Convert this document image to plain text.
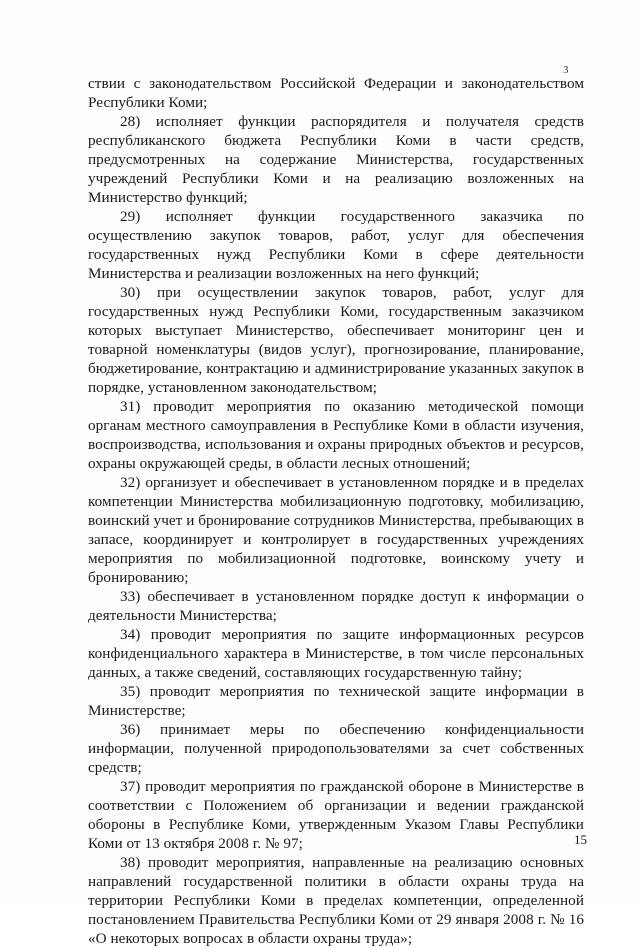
3

ствии с законодательством Российской Федерации и законодательством Республики Коми;

28) исполняет функции распорядителя и получателя средств республиканского бюджета Республики Коми в части средств, предусмотренных на содержание Министерства, государственных учреждений Республики Коми и на реализацию возложенных на Министерство функций;

29) исполняет функции государственного заказчика по осуществлению закупок товаров, работ, услуг для обеспечения государственных нужд Республики Коми в сфере деятельности Министерства и реализации возложенных на него функций;

30) при осуществлении закупок товаров, работ, услуг для государственных нужд Республики Коми, государственным заказчиком которых выступает Министерство, обеспечивает мониторинг цен и товарной номенклатуры (видов услуг), прогнозирование, планирование, бюджетирование, контрактацию и администрирование указанных закупок в порядке, установленном законодательством;

31) проводит мероприятия по оказанию методической помощи органам местного самоуправления в Республике Коми в области изучения, воспроизводства, использования и охраны природных объектов и ресурсов, охраны окружающей среды, в области лесных отношений;

32) организует и обеспечивает в установленном порядке и в пределах компетенции Министерства мобилизационную подготовку, мобилизацию, воинский учет и бронирование сотрудников Министерства, пребывающих в запасе, координирует и контролирует в государственных учреждениях мероприятия по мобилизационной подготовке, воинскому учету и бронированию;

33) обеспечивает в установленном порядке доступ к информации о деятельности Министерства;

34) проводит мероприятия по защите информационных ресурсов конфиденциального характера в Министерстве, в том числе персональных данных, а также сведений, составляющих государственную тайну;

35) проводит мероприятия по технической защите информации в Министерстве;

36) принимает меры по обеспечению конфиденциальности информации, полученной природопользователями за счет собственных средств;

37) проводит мероприятия по гражданской обороне в Министерстве в соответствии с Положением об организации и ведении гражданской обороны в Республике Коми, утвержденным Указом Главы Республики Коми от 13 октября 2008 г. № 97;

38) проводит мероприятия, направленные на реализацию основных направлений государственной политики в области охраны труда на территории Республики Коми в пределах компетенции, определенной постановлением Правительства Республики Коми от 29 января 2008 г. № 16 «О некоторых вопросах в области охраны труда»;

15
